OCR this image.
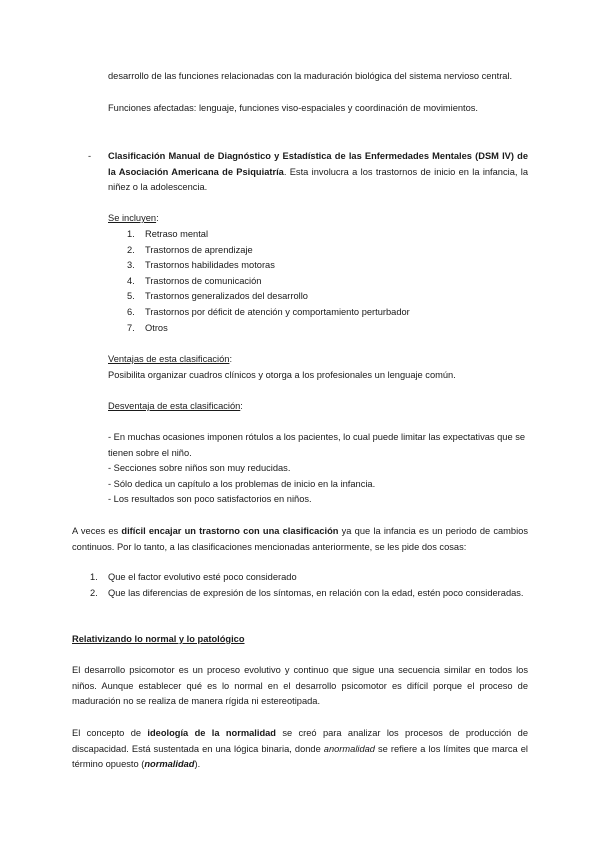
desarrollo de las funciones relacionadas con la maduración biológica del sistema nervioso central.

Funciones afectadas: lenguaje, funciones viso-espaciales y coordinación de movimientos.

- Clasificación Manual de Diagnóstico y Estadística de las Enfermedades Mentales (DSM IV) de la Asociación Americana de Psiquiatría. Esta involucra a los trastornos de inicio en la infancia, la niñez o la adolescencia.

Se incluyen:

1. Retraso mental
2. Trastornos de aprendizaje
3. Trastornos habilidades motoras
4. Trastornos de comunicación
5. Trastornos generalizados del desarrollo
6. Trastornos por déficit de atención y comportamiento perturbador
7. Otros

Ventajas de esta clasificación:

Posibilita organizar cuadros clínicos y otorga a los profesionales un lenguaje común.

Desventaja de esta clasificación:

- En muchas ocasiones imponen rótulos a los pacientes, lo cual puede limitar las expectativas que se tienen sobre el niño.

- Secciones sobre niños son muy reducidas.

- Sólo dedica un capítulo a los problemas de inicio en la infancia.

- Los resultados son poco satisfactorios en niños.

A veces es difícil encajar un trastorno con una clasificación ya que la infancia es un periodo de cambios continuos. Por lo tanto, a las clasificaciones mencionadas anteriormente, se les pide dos cosas:

1. Que el factor evolutivo esté poco considerado
2. Que las diferencias de expresión de los síntomas, en relación con la edad, estén poco consideradas.

Relativizando lo normal y lo patológico

El desarrollo psicomotor es un proceso evolutivo y continuo que sigue una secuencia similar en todos los niños. Aunque establecer qué es lo normal en el desarrollo psicomotor es difícil porque el proceso de maduración no se realiza de manera rígida ni estereotipada.

El concepto de ideología de la normalidad se creó para analizar los procesos de producción de discapacidad. Está sustentada en una lógica binaria, donde anormalidad se refiere a los límites que marca el término opuesto (normalidad).
